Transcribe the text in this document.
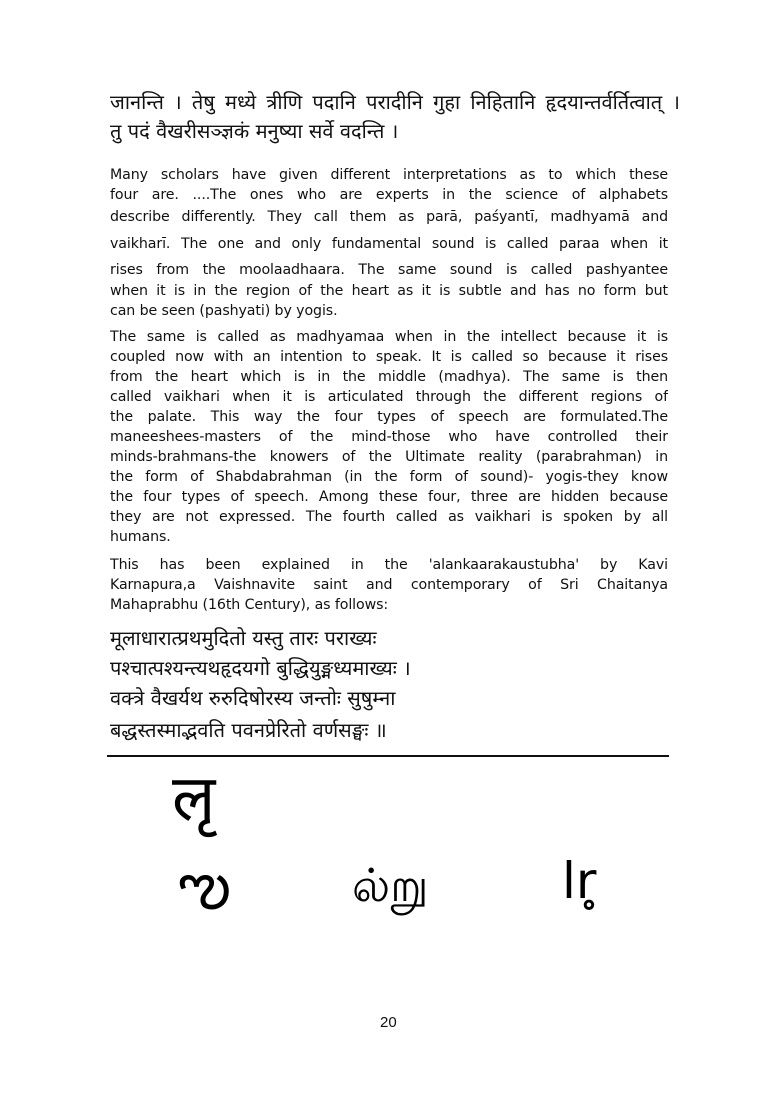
जानन्ति । तेषु मध्ये त्रीणि पदानि परादीनि गुहा निहितानि हृदयान्तर्वर्तित्वात् ।
तु पदं वैखरीसञ्ज्ञकं मनुष्या सर्वे वदन्ति ।
Many scholars have given different interpretations as to which these
four are. ....The ones who are experts in the science of alphabets
describe differently. They call them as parā, paśyantī, madhyamā and
vaikharī. The one and only fundamental sound is called paraa when it
rises from the moolaadhaara. The same sound is called pashyantee
when it is in the region of the heart as it is subtle and has no form but
can be seen (pashyati) by yogis.
The same is called as madhyamaa when in the intellect because it is
coupled now with an intention to speak. It is called so because it rises
from the heart which is in the middle (madhya). The same is then
called vaikhari when it is articulated through the different regions of
the palate. This way the four types of speech are formulated.The
maneeshees-masters of the mind-those who have controlled their
minds-brahmans-the knowers of the Ultimate reality (parabrahman) in
the form of Shabdabrahman (in the form of sound)- yogis-they know
the four types of speech. Among these four, three are hidden because
they are not expressed. The fourth called as vaikhari is spoken by all
humans.
This has been explained in the 'alankaarakaustubha' by Kavi
Karnapura,a Vaishnavite saint and contemporary of Sri Chaitanya
Mahaprabhu (16th Century), as follows:
मूलाधारात्प्रथमुदितो यस्तु तारः पराख्यः
पश्चात्पश्यन्त्यथहृदयगो बुद्धियुङ्मध्यमाख्यः ।
वक्त्रे वैखर्यथ रुरुदिषोरस्य जन्तोः सुषुम्ना
बद्धस्तस्माद्भवति पवनप्रेरितो वर्णसङ्घः ॥
लृ
ఌ	ல்று	lr̥
20
